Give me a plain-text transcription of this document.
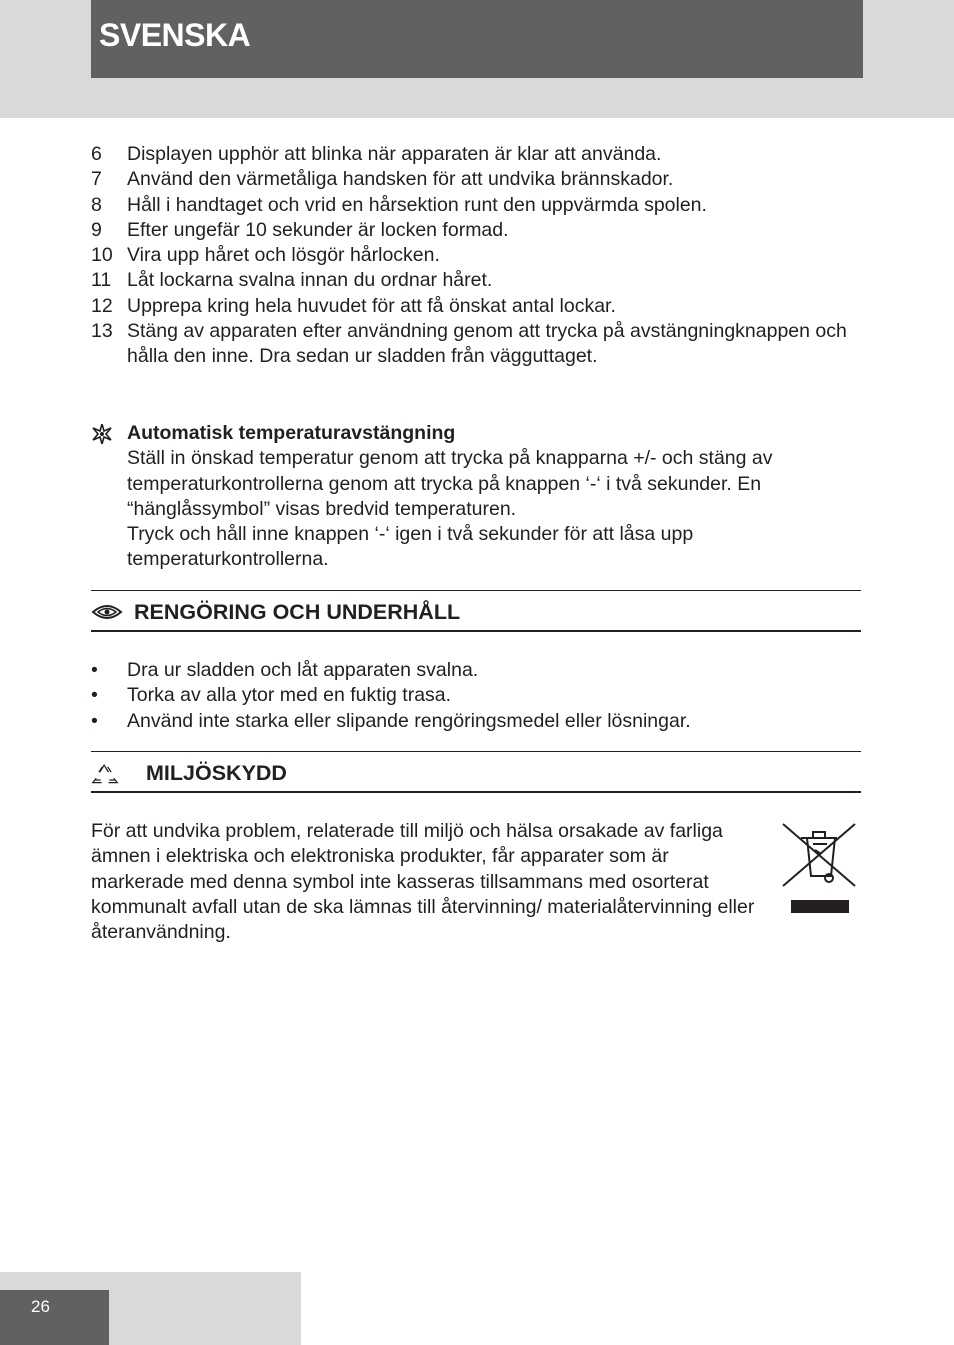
SVENSKA
6 Displayen upphör att blinka när apparaten är klar att använda.
7 Använd den värmetåliga handsken för att undvika brännskador.
8 Håll i handtaget och vrid en hårsektion runt den uppvärmda spolen.
9 Efter ungefär 10 sekunder är locken formad.
10 Vira upp håret och lösgör hårlocken.
11 Låt lockarna svalna innan du ordnar håret.
12 Upprepa kring hela huvudet för att få önskat antal lockar.
13 Stäng av apparaten efter användning genom att trycka på avstängningknappen och hålla den inne. Dra sedan ur sladden från vägguttaget.
Automatisk temperaturavstängning
Ställ in önskad temperatur genom att trycka på knapparna +/- och stäng av temperaturkontrollerna genom att trycka på knappen ‘-‘ i två sekunder. En “hänglåssymbol” visas bredvid temperaturen.
Tryck och håll inne knappen ‘-‘ igen i två sekunder för att låsa upp temperaturkontrollerna.
RENGÖRING OCH UNDERHÅLL
• Dra ur sladden och låt apparaten svalna.
• Torka av alla ytor med en fuktig trasa.
• Använd inte starka eller slipande rengöringsmedel eller lösningar.
MILJÖSKYDD
För att undvika problem, relaterade till miljö och hälsa orsakade av farliga ämnen i elektriska och elektroniska produkter, får apparater som är markerade med denna symbol inte kasseras tillsammans med osorterat kommunalt avfall utan de ska lämnas till återvinning/ materialåtervinning eller återanvändning.
26
